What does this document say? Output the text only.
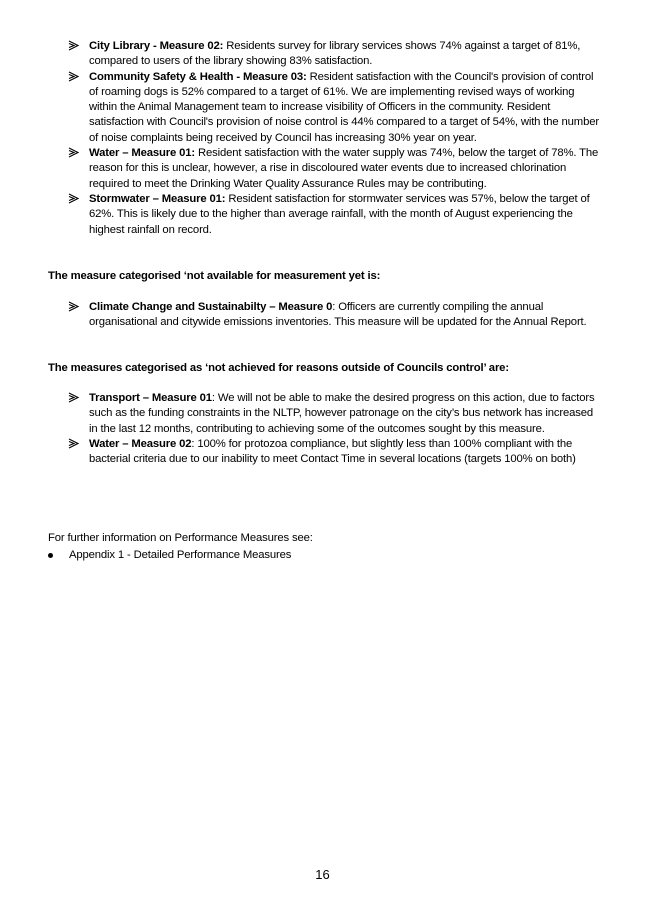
City Library - Measure 02: Residents survey for library services shows 74% against a target of 81%, compared to users of the library showing 83% satisfaction.
Community Safety & Health - Measure 03: Resident satisfaction with the Council's provision of control of roaming dogs is 52% compared to a target of 61%. We are implementing revised ways of working within the Animal Management team to increase visibility of Officers in the community. Resident satisfaction with Council's provision of noise control is 44% compared to a target of 54%, with the number of noise complaints being received by Council has increasing 30% year on year.
Water – Measure 01: Resident satisfaction with the water supply was 74%, below the target of 78%. The reason for this is unclear, however, a rise in discoloured water events due to increased chlorination required to meet the Drinking Water Quality Assurance Rules may be contributing.
Stormwater – Measure 01: Resident satisfaction for stormwater services was 57%, below the target of 62%. This is likely due to the higher than average rainfall, with the month of August experiencing the highest rainfall on record.
The measure categorised ‘not available for measurement yet is:
Climate Change and Sustainabilty – Measure 0: Officers are currently compiling the annual organisational and citywide emissions inventories. This measure will be updated for the Annual Report.
The measures categorised as ‘not achieved for reasons outside of Councils control’ are:
Transport – Measure 01: We will not be able to make the desired progress on this action, due to factors such as the funding constraints in the NLTP, however patronage on the city’s bus network has increased in the last 12 months, contributing to achieving some of the outcomes sought by this measure.
Water – Measure 02: 100% for protozoa compliance, but slightly less than 100% compliant with the bacterial criteria due to our inability to meet Contact Time in several locations (targets 100% on both)
For further information on Performance Measures see:
Appendix 1 - Detailed Performance Measures
16
